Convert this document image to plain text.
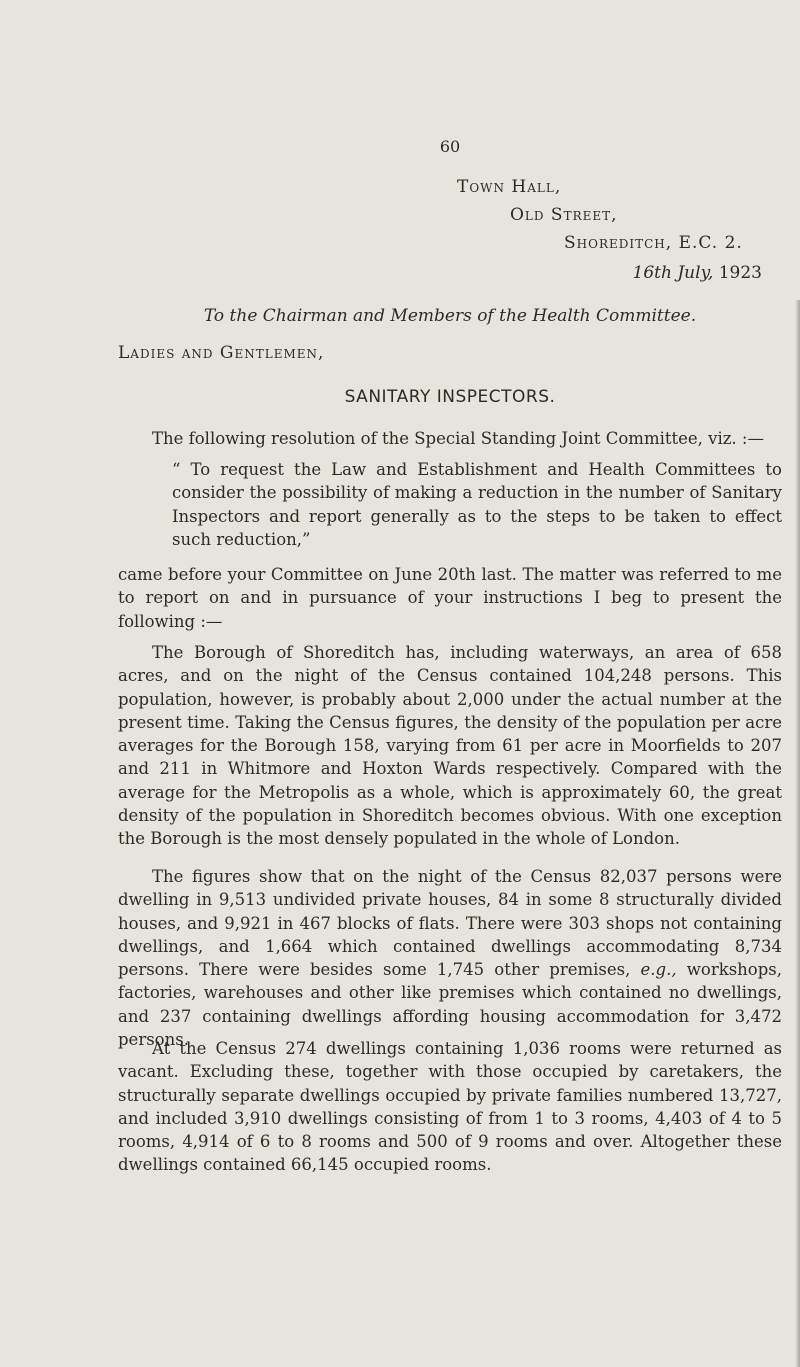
60
Town Hall,
Old Street,
Shoreditch, E.C. 2.
16th July, 1923
To the Chairman and Members of the Health Committee.
Ladies and Gentlemen,
SANITARY INSPECTORS.
The following resolution of the Special Standing Joint Committee, viz. :—
“ To request the Law and Establishment and Health Committees to consider the possibility of making a reduction in the number of Sanitary Inspectors and report generally as to the steps to be taken to effect such reduction,”
came before your Committee on June 20th last. The matter was referred to me to report on and in pursuance of your instructions I beg to present the following :—
The Borough of Shoreditch has, including waterways, an area of 658 acres, and on the night of the Census contained 104,248 persons. This population, however, is probably about 2,000 under the actual number at the present time. Taking the Census figures, the density of the population per acre averages for the Borough 158, varying from 61 per acre in Moorfields to 207 and 211 in Whitmore and Hoxton Wards respectively. Compared with the average for the Metropolis as a whole, which is approximately 60, the great density of the population in Shoreditch becomes obvious. With one exception the Borough is the most densely populated in the whole of London.
The figures show that on the night of the Census 82,037 persons were dwelling in 9,513 undivided private houses, 84 in some 8 structurally divided houses, and 9,921 in 467 blocks of flats. There were 303 shops not containing dwellings, and 1,664 which contained dwellings accommodating 8,734 persons. There were besides some 1,745 other premises, e.g., workshops, factories, warehouses and other like premises which contained no dwellings, and 237 containing dwellings affording housing accommodation for 3,472 persons.
At the Census 274 dwellings containing 1,036 rooms were returned as vacant. Excluding these, together with those occupied by caretakers, the structurally separate dwellings occupied by private families numbered 13,727, and included 3,910 dwellings consisting of from 1 to 3 rooms, 4,403 of 4 to 5 rooms, 4,914 of 6 to 8 rooms and 500 of 9 rooms and over. Altogether these dwellings contained 66,145 occupied rooms.
